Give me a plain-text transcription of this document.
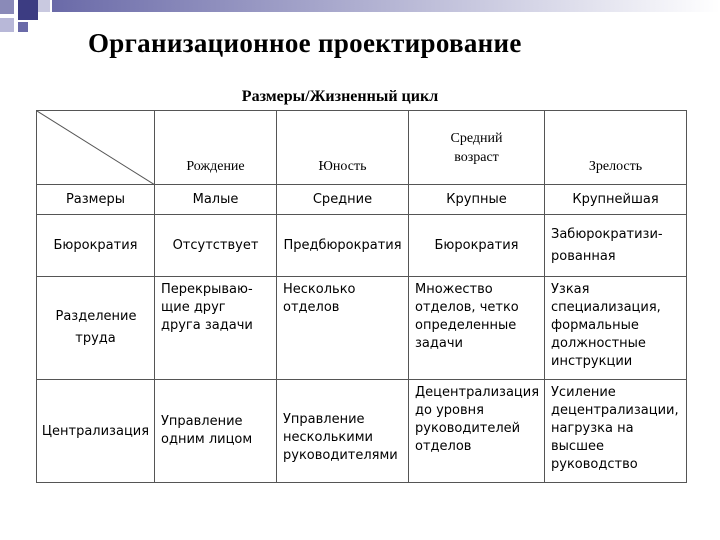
Организационное проектирование
Размеры/Жизненный цикл
	Рождение	Юность	Средний возраст	Зрелость
Размеры	Малые	Средние	Крупные	Крупнейшая
Бюрократия	Отсутствует	Предбюрократия	Бюрократия	Забюрократизи- рованная

Разделение труда	Перекрываю- щие друг друга задачи	Несколько отделов	Множество отделов, четко определенные задачи	Узкая специализация, формальные должностные инструкции

Централизация	Управление одним лицом	Управление несколькими руководителями	Децентрализация до уровня руководителей отделов	Усиление децентрализации, нагрузка на высшее руководство
